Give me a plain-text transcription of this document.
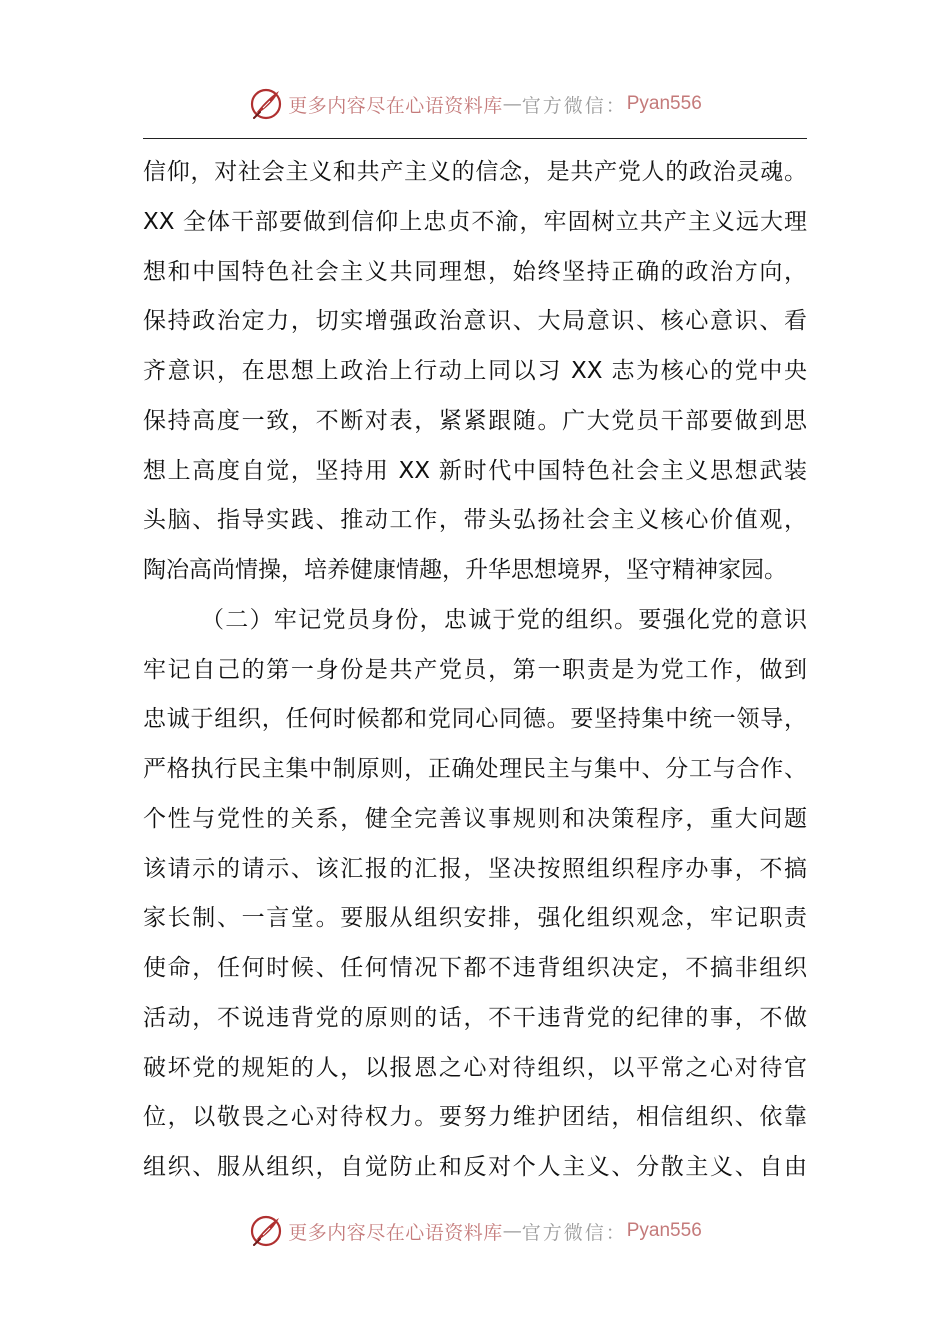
更多内容尽在心语资料库 — 官方微信： Pyan556
信仰，对社会主义和共产主义的信念，是共产党人的政治灵魂。
XX 全体干部要做到信仰上忠贞不渝，牢固树立共产主义远大理
想和中国特色社会主义共同理想，始终坚持正确的政治方向，
保持政治定力，切实增强政治意识、大局意识、核心意识、看
齐意识，在思想上政治上行动上同以习 XX 志为核心的党中央
保持高度一致，不断对表，紧紧跟随。广大党员干部要做到思
想上高度自觉，坚持用 XX 新时代中国特色社会主义思想武装
头脑、指导实践、推动工作，带头弘扬社会主义核心价值观，
陶冶高尚情操，培养健康情趣，升华思想境界，坚守精神家园。
（二）牢记党员身份，忠诚于党的组织。要强化党的意识
牢记自己的第一身份是共产党员，第一职责是为党工作，做到
忠诚于组织，任何时候都和党同心同德。要坚持集中统一领导，
严格执行民主集中制原则，正确处理民主与集中、分工与合作、
个性与党性的关系，健全完善议事规则和决策程序，重大问题
该请示的请示、该汇报的汇报，坚决按照组织程序办事，不搞
家长制、一言堂。要服从组织安排，强化组织观念，牢记职责
使命，任何时候、任何情况下都不违背组织决定，不搞非组织
活动，不说违背党的原则的话，不干违背党的纪律的事，不做
破坏党的规矩的人，以报恩之心对待组织，以平常之心对待官
位，以敬畏之心对待权力。要努力维护团结，相信组织、依靠
组织、服从组织，自觉防止和反对个人主义、分散主义、自由
更多内容尽在心语资料库 — 官方微信： Pyan556
